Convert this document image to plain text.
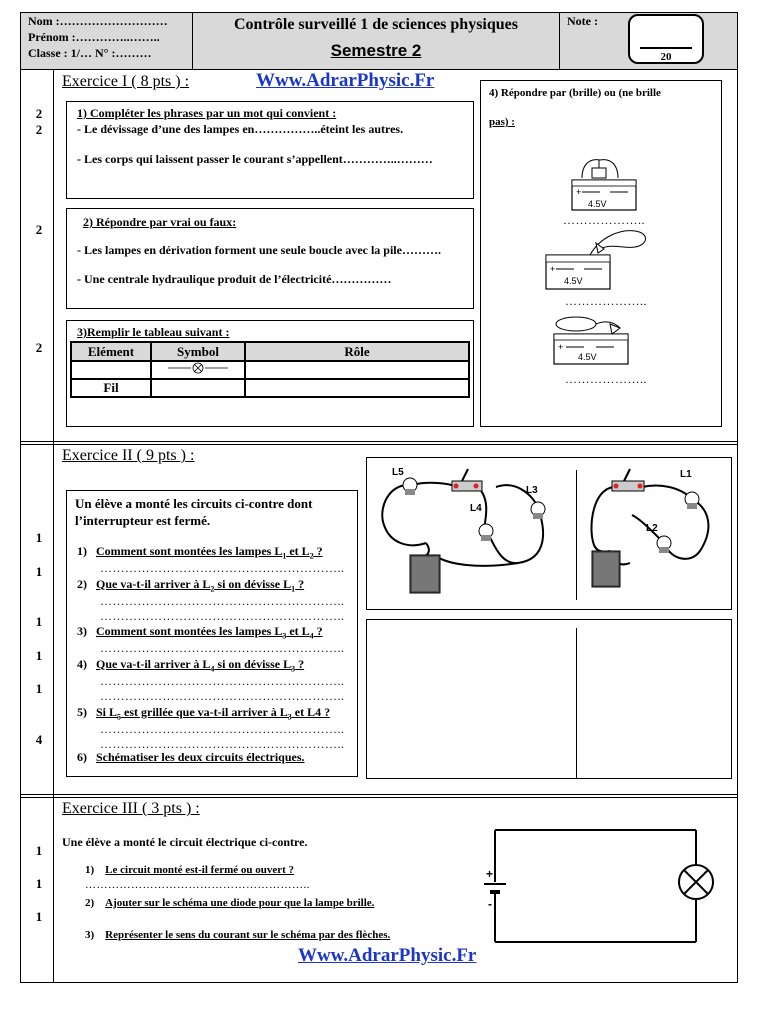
Nom :………………………
Prénom :…………..……..
Classe : 1/… N° :………
Contrôle surveillé 1 de sciences physiques
Semestre 2
Note :
20
Exercice I ( 8 pts ) :	Www.AdrarPhysic.Fr
2
2
2
2
1) Compléter les phrases par un mot qui convient :
- Le dévissage d’une des lampes en……………..éteint les autres.
- Les corps qui laissent passer le courant s’appellent…………..………
2) Répondre par vrai ou faux:
- Les lampes en dérivation forment une seule boucle avec la pile……….
- Une centrale hydraulique produit de l’électricité……………
3)Remplir le tableau suivant :
Elément	Symbol	Rôle

Fil		
4) Répondre par (brille) ou (ne brille
pas) :
+
4.5V
………………..
+
4.5V
………………..
+
4.5V
………………..
Exercice II ( 9 pts ) :
1
1
1
1
1
4
Un élève a monté les circuits ci-contre dont l’interrupteur est fermé.
1) Comment sont montées les lampes $L_1$ et $L_2$ ?
…………………………………………………..
2) Que va-t-il arriver à $L_2$ si on dévisse $L_1$ ?
…………………………………………………..
…………………………………………………..
3) Comment sont montées les lampes $L_3$ et $L_4$ ?
…………………………………………………..
4) Que va-t-il arriver à $L_4$ si on dévisse $L_3$ ?
…………………………………………………..
…………………………………………………..
5) Si $L_5$ est grillée que va-t-il arriver à $L_3$ et L4 ?
…………………………………………………..
…………………………………………………..
6) Schématiser les deux circuits électriques.
L5
L4
L3
L1
L2
Exercice III ( 3 pts ) :
Une élève a monté le circuit électrique ci-contre.
1
1
1
1) Le circuit monté est-il fermé ou ouvert ?
…………………………………………………..
2) Ajouter sur le schéma une diode pour que la lampe brille.
3) Représenter le sens du courant sur le schéma par des flèches.
Www.AdrarPhysic.Fr
+
-
